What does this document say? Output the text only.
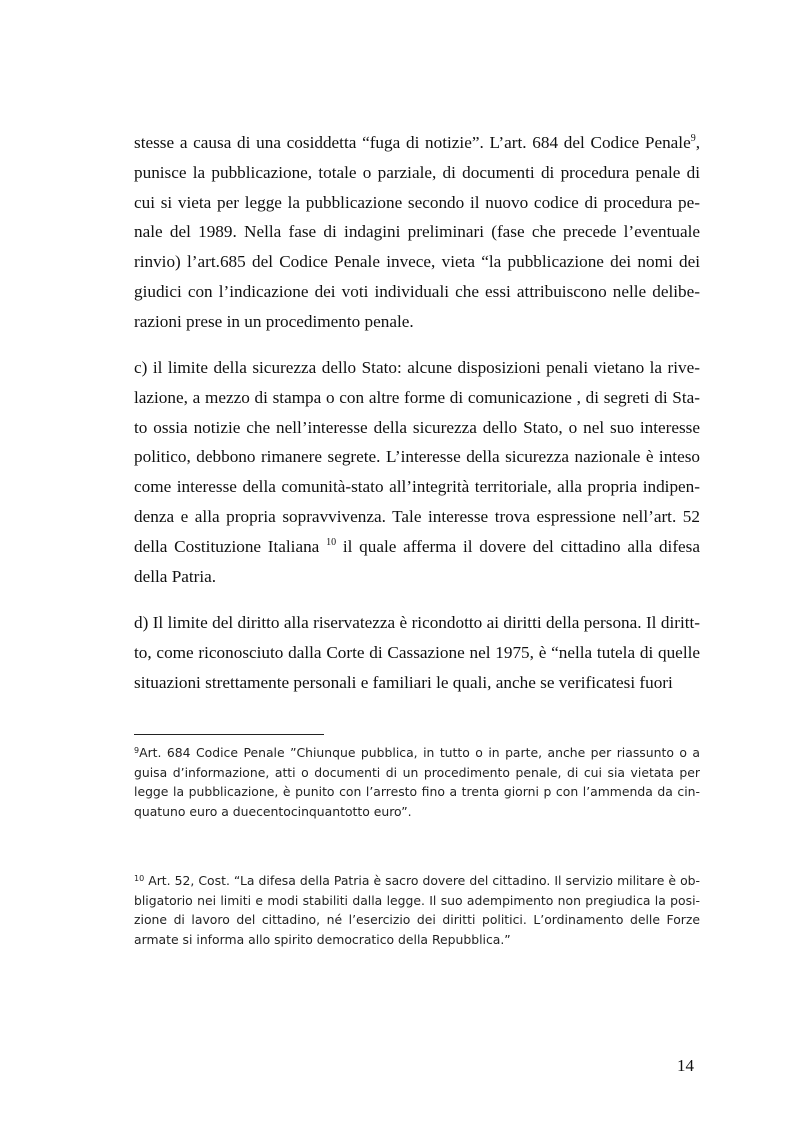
stesse a causa di una cosiddetta “fuga di notizie”. L’art. 684 del Codice Penale$^9$,
punisce la pubblicazione, totale o parziale, di documenti di procedura penale di
cui si vieta per legge la pubblicazione secondo il nuovo codice di procedura pe-
nale del 1989. Nella fase di indagini preliminari (fase che precede l’eventuale
rinvio) l’art.685 del Codice Penale invece, vieta “la pubblicazione dei nomi dei
giudici con l’indicazione dei voti individuali che essi attribuiscono nelle delibe-
razioni prese in un procedimento penale.
c) il limite della sicurezza dello Stato: alcune disposizioni penali vietano la rive-
lazione, a mezzo di stampa o con altre forme di comunicazione , di segreti di Sta-
to ossia notizie che nell’interesse della sicurezza dello Stato, o nel suo interesse
politico, debbono rimanere segrete. L’interesse della sicurezza nazionale è inteso
come interesse della comunità-stato all’integrità territoriale, alla propria indipen-
denza e alla propria sopravvivenza. Tale interesse trova espressione nell’art. 52
della Costituzione Italiana $^{10}$ il quale afferma il dovere del cittadino alla difesa
della Patria.
d) Il limite del diritto alla riservatezza è ricondotto ai diritti della persona. Il diritt-
to, come riconosciuto dalla Corte di Cassazione nel 1975, è “nella tutela di quelle
situazioni strettamente personali e familiari le quali, anche se verificatesi fuori
$^9$Art. 684 Codice Penale ”Chiunque pubblica, in tutto o in parte, anche per riassunto o a
guisa d’informazione, atti o documenti di un procedimento penale, di cui sia vietata per
legge la pubblicazione, è punito con l’arresto fino a trenta giorni p con l’ammenda da cin-
quatuno euro a duecentocinquantotto euro”.
$^{10}$ Art. 52, Cost. “La difesa della Patria è sacro dovere del cittadino. Il servizio militare è ob-
bligatorio nei limiti e modi stabiliti dalla legge. Il suo adempimento non pregiudica la posi-
zione di lavoro del cittadino, né l’esercizio dei diritti politici. L’ordinamento delle Forze
armate si informa allo spirito democratico della Repubblica.”
14
